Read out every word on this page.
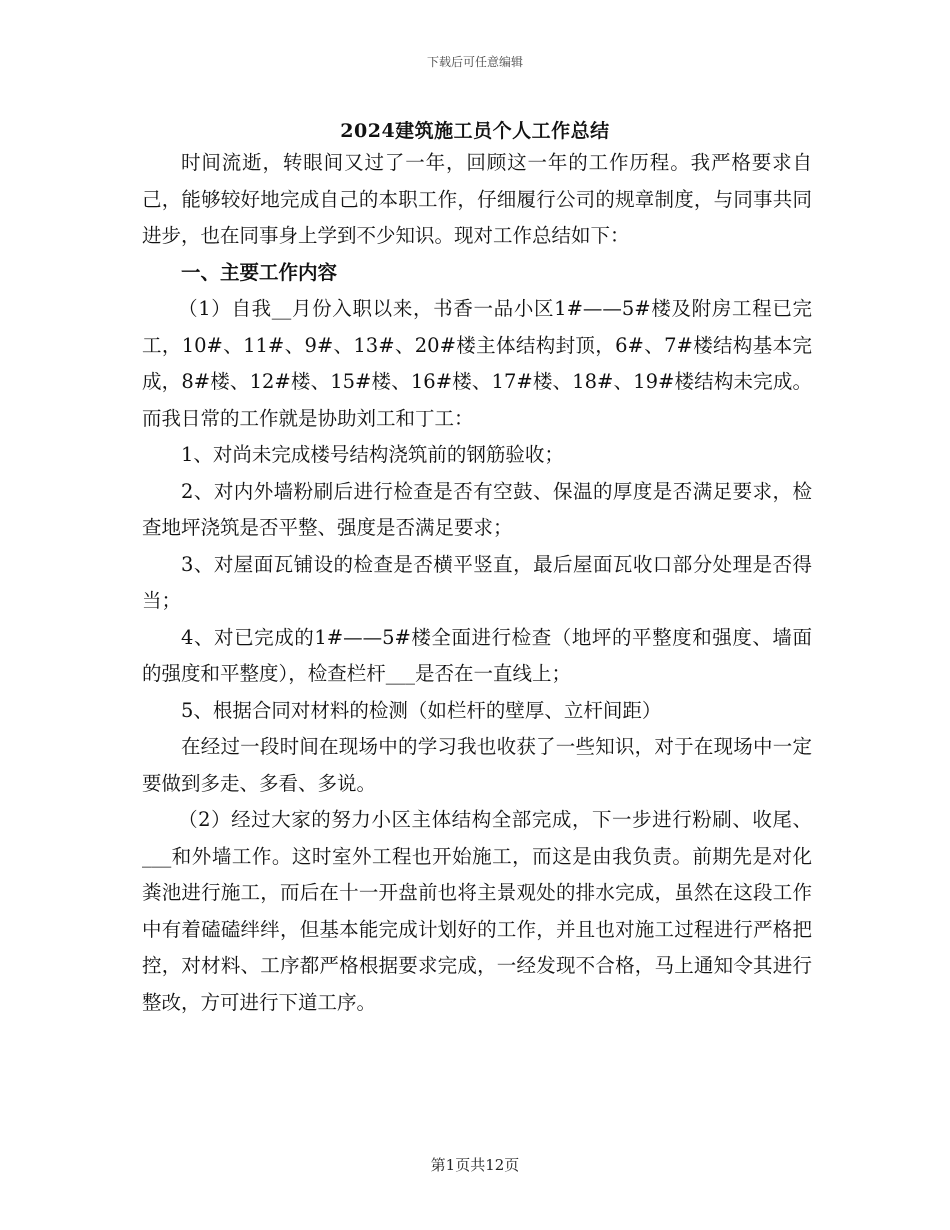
下载后可任意编辑
2024建筑施工员个人工作总结

时间流逝，转眼间又过了一年，回顾这一年的工作历程。我严格要求自己，能够较好地完成自己的本职工作，仔细履行公司的规章制度，与同事共同进步，也在同事身上学到不少知识。现对工作总结如下：

一、主要工作内容

（1）自我__月份入职以来，书香一品小区1#——5#楼及附房工程已完工，10#、11#、9#、13#、20#楼主体结构封顶，6#、7#楼结构基本完成，8#楼、12#楼、15#楼、16#楼、17#楼、18#、19#楼结构未完成。而我日常的工作就是协助刘工和丁工：

1、对尚未完成楼号结构浇筑前的钢筋验收；

2、对内外墙粉刷后进行检查是否有空鼓、保温的厚度是否满足要求，检查地坪浇筑是否平整、强度是否满足要求；

3、对屋面瓦铺设的检查是否横平竖直，最后屋面瓦收口部分处理是否得当；

4、对已完成的1#——5#楼全面进行检查（地坪的平整度和强度、墙面的强度和平整度），检查栏杆___是否在一直线上；

5、根据合同对材料的检测（如栏杆的壁厚、立杆间距）

在经过一段时间在现场中的学习我也收获了一些知识，对于在现场中一定要做到多走、多看、多说。

（2）经过大家的努力小区主体结构全部完成，下一步进行粉刷、收尾、___和外墙工作。这时室外工程也开始施工，而这是由我负责。前期先是对化粪池进行施工，而后在十一开盘前也将主景观处的排水完成，虽然在这段工作中有着磕磕绊绊，但基本能完成计划好的工作，并且也对施工过程进行严格把控，对材料、工序都严格根据要求完成，一经发现不合格，马上通知令其进行整改，方可进行下道工序。

第1页共12页
